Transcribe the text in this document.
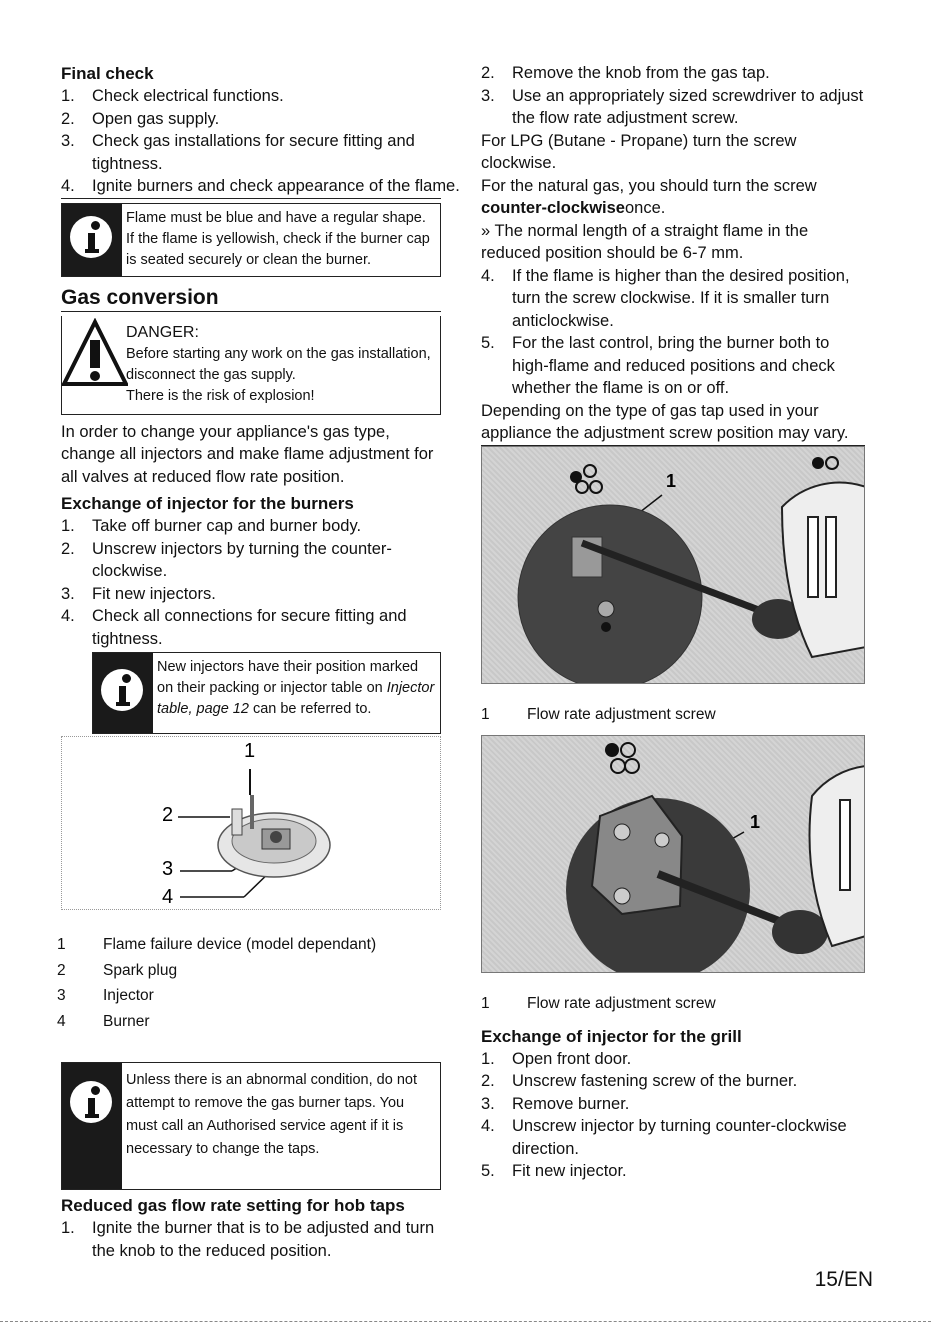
Final check
1. Check electrical functions.
2. Open gas supply.
3. Check gas installations for secure fitting and tightness.
4. Ignite burners and check appearance of the flame.
Flame must be blue and have a regular shape. If the flame is yellowish, check if the burner cap is seated securely or clean the burner.
Gas conversion
DANGER:
Before starting any work on the gas installation, disconnect the gas supply.
There is the risk of explosion!

In order to change your appliance's gas type, change all injectors and make flame adjustment for all valves at reduced flow rate position.

Exchange of injector for the burners
1. Take off burner cap and burner body.
2. Unscrew injectors by turning the counter-clockwise.
3. Fit new injectors.
4. Check all connections for secure fitting and tightness.
New injectors have their position marked on their packing or injector table on Injector table, page 12 can be referred to.
1
2
3
4
1	Flame failure device (model dependant)
2	Spark plug
3	Injector
4	Burner
Unless there is an abnormal condition, do not attempt to remove the gas burner taps. You must call an Authorised service agent if it is necessary to change the taps.
Reduced gas flow rate setting for hob taps
1. Ignite the burner that is to be adjusted and turn the knob to the reduced position.
2. Remove the knob from the gas tap.
3. Use an appropriately sized screwdriver to adjust the flow rate adjustment screw.

For LPG (Butane - Propane) turn the screw clockwise.

For the natural gas, you should turn the screw counter-clockwiseonce.

» The normal length of a straight flame in the reduced position should be 6-7 mm.

4. If the flame is higher than the desired position, turn the screw clockwise. If it is smaller turn anticlockwise.
5. For the last control, bring the burner both to high-flame and reduced positions and check whether the flame is on or off.

Depending on the type of gas tap used in your appliance the adjustment screw position may vary.

1
1	Flow rate adjustment screw
1
1	Flow rate adjustment screw
Exchange of injector for the grill
1. Open front door.
2. Unscrew fastening screw of the burner.
3. Remove burner.
4. Unscrew injector by turning counter-clockwise direction.
5. Fit new injector.
15/EN
